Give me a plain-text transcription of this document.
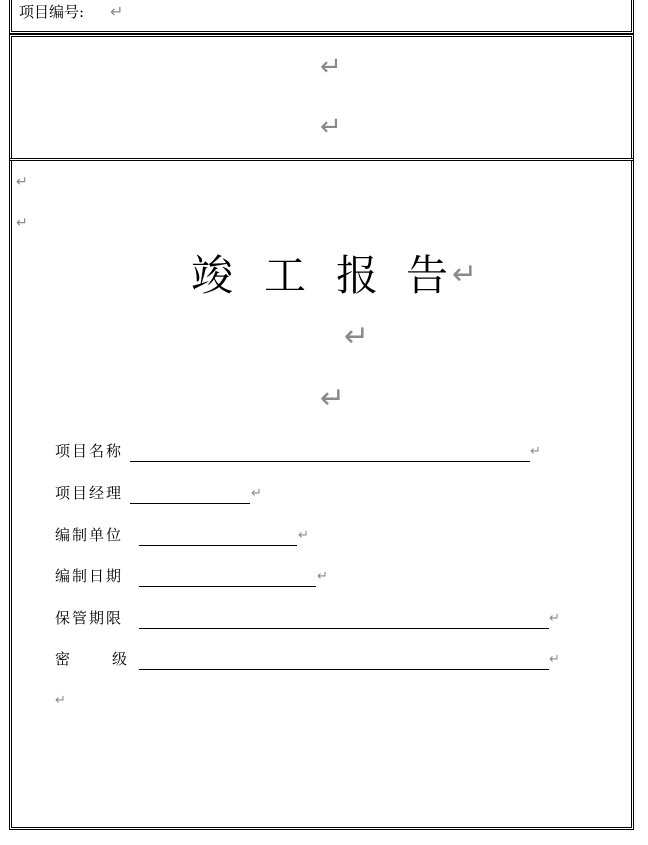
项目编号: ↵
↵
↵
↵
↵
竣 工 报 告 ↵
↵
↵
项目名称	↵
项目经理	↵
编制单位	↵
编制日期	↵
保管期限	↵
密	级	↵
↵
